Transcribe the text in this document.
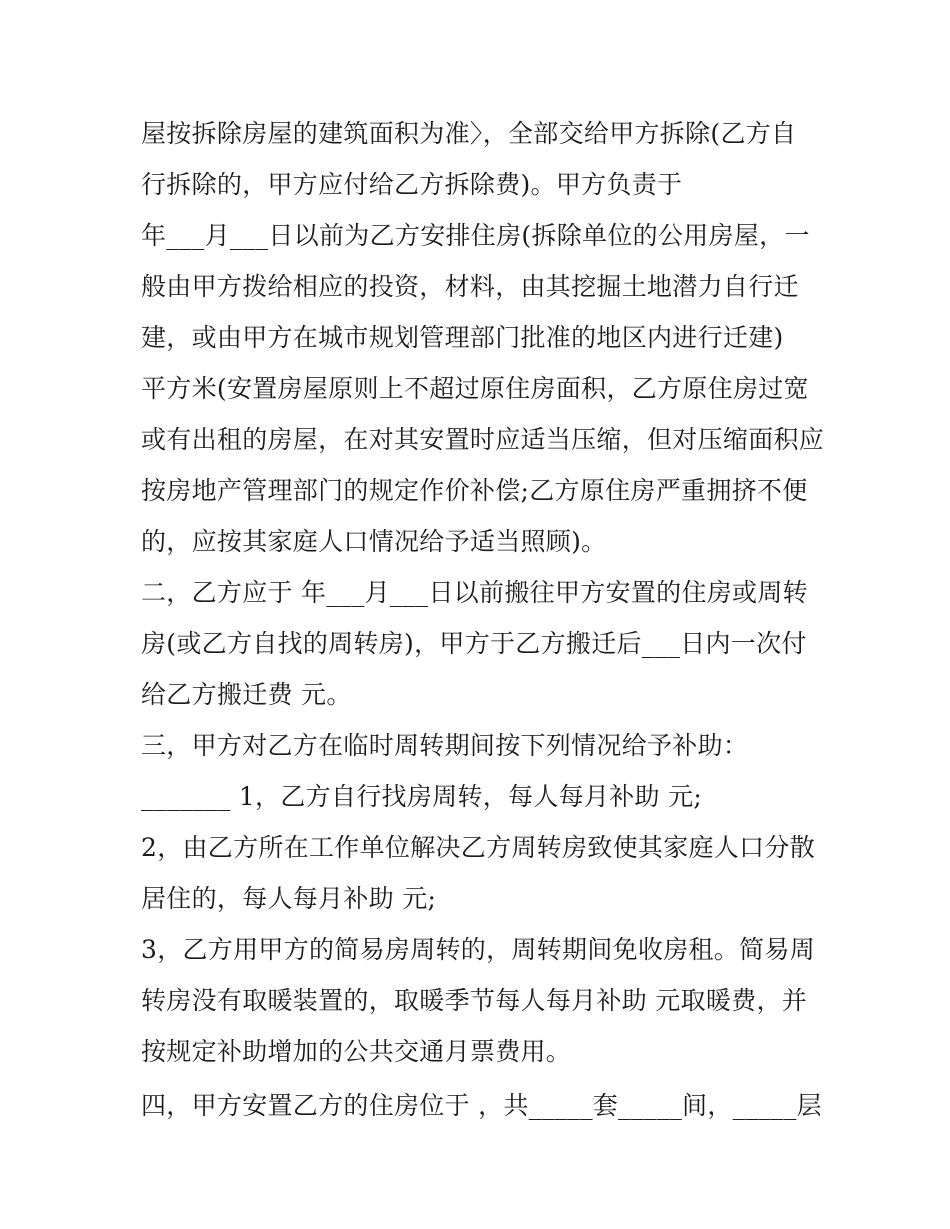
屋按拆除房屋的建筑面积为准〉，全部交给甲方拆除(乙方自
行拆除的，甲方应付给乙方拆除费)。甲方负责于
年___月___日以前为乙方安排住房(拆除单位的公用房屋，一
般由甲方拨给相应的投资，材料，由其挖掘土地潜力自行迁
建，或由甲方在城市规划管理部门批准的地区内进行迁建)
平方米(安置房屋原则上不超过原住房面积，乙方原住房过宽
或有出租的房屋，在对其安置时应适当压缩，但对压缩面积应
按房地产管理部门的规定作价补偿;乙方原住房严重拥挤不便
的，应按其家庭人口情况给予适当照顾)。
二，乙方应于 年___月___日以前搬往甲方安置的住房或周转
房(或乙方自找的周转房)，甲方于乙方搬迁后___日内一次付
给乙方搬迁费 元。
三，甲方对乙方在临时周转期间按下列情况给予补助：
_______ 1，乙方自行找房周转，每人每月补助 元;
2，由乙方所在工作单位解决乙方周转房致使其家庭人口分散
居住的，每人每月补助 元;
3，乙方用甲方的简易房周转的，周转期间免收房租。简易周
转房没有取暖装置的，取暖季节每人每月补助 元取暖费，并
按规定补助增加的公共交通月票费用。
四，甲方安置乙方的住房位于 ，共_____套_____间，_____层
